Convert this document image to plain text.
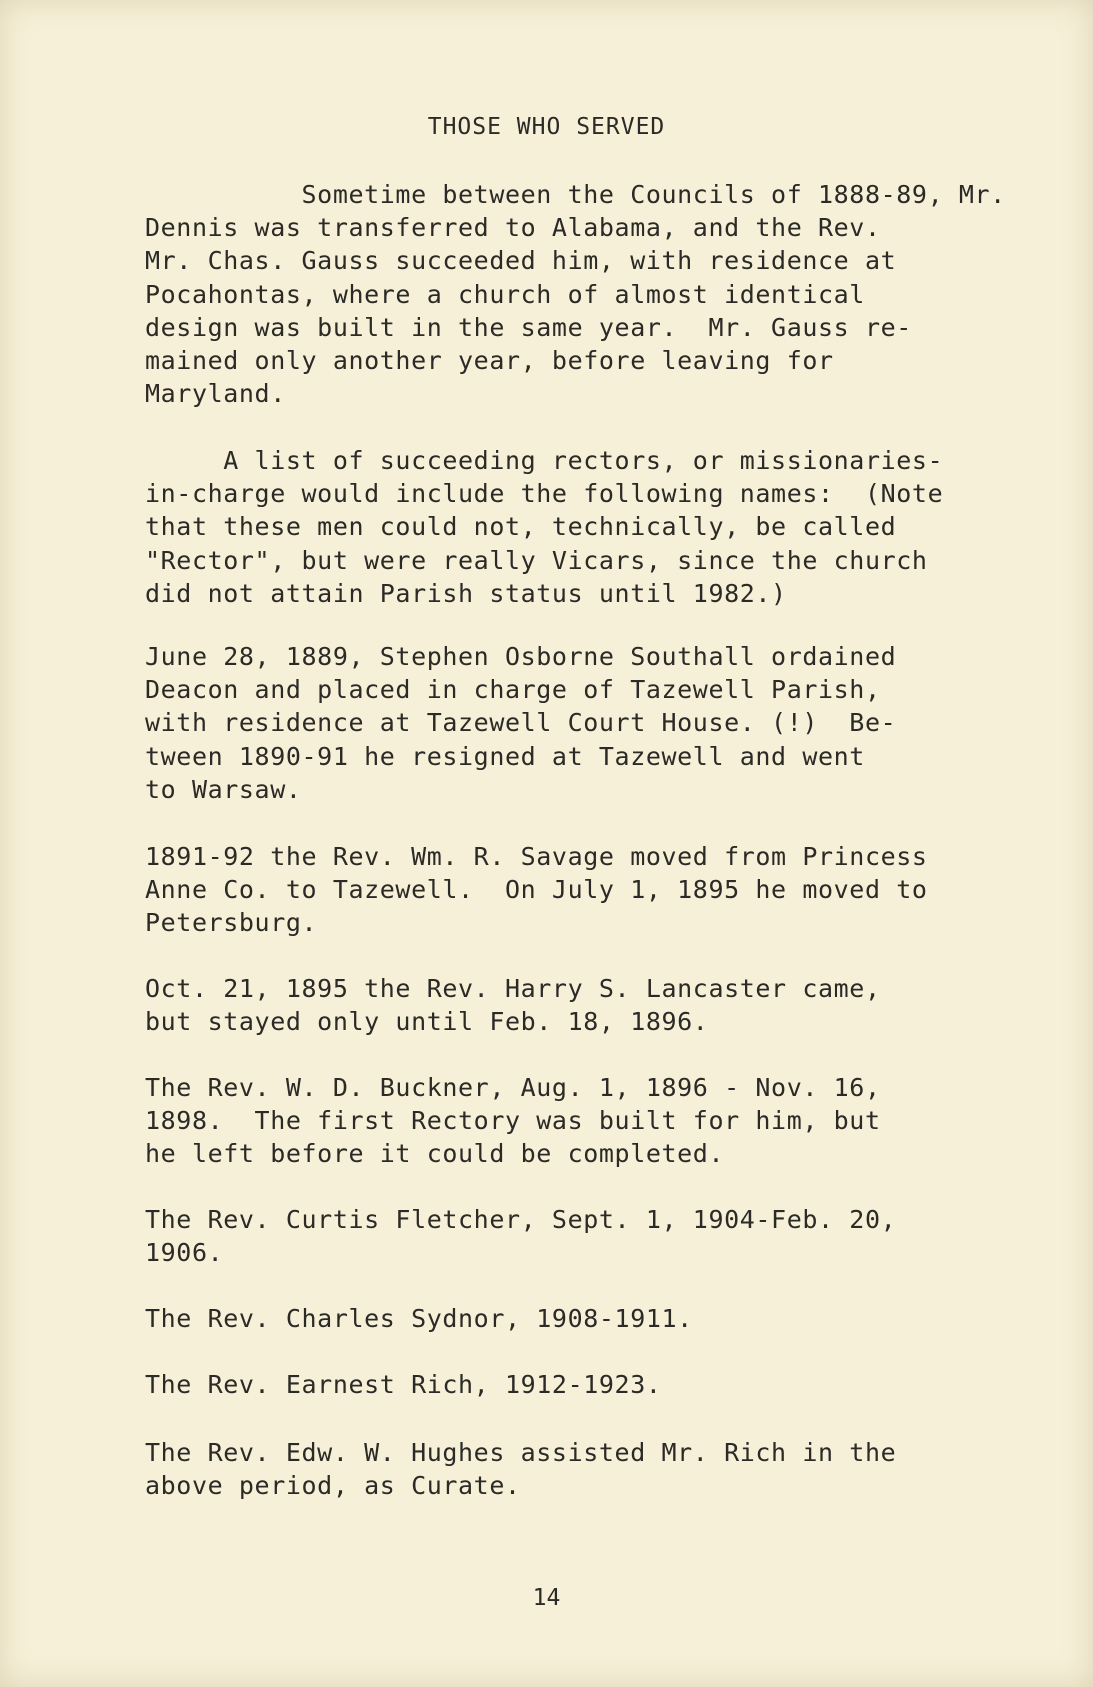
THOSE WHO SERVED

Sometime between the Councils of 1888-89, Mr.
Dennis was transferred to Alabama, and the Rev.
Mr. Chas. Gauss succeeded him, with residence at
Pocahontas, where a church of almost identical
design was built in the same year.  Mr. Gauss re-
mained only another year, before leaving for
Maryland.

A list of succeeding rectors, or missionaries-
in-charge would include the following names:  (Note
that these men could not, technically, be called
"Rector", but were really Vicars, since the church
did not attain Parish status until 1982.)

June 28, 1889, Stephen Osborne Southall ordained
Deacon and placed in charge of Tazewell Parish,
with residence at Tazewell Court House. (!)  Be-
tween 1890-91 he resigned at Tazewell and went
to Warsaw.

1891-92 the Rev. Wm. R. Savage moved from Princess
Anne Co. to Tazewell.  On July 1, 1895 he moved to
Petersburg.

Oct. 21, 1895 the Rev. Harry S. Lancaster came,
but stayed only until Feb. 18, 1896.

The Rev. W. D. Buckner, Aug. 1, 1896 - Nov. 16,
1898.  The first Rectory was built for him, but
he left before it could be completed.

The Rev. Curtis Fletcher, Sept. 1, 1904-Feb. 20,
1906.

The Rev. Charles Sydnor, 1908-1911.

The Rev. Earnest Rich, 1912-1923.

The Rev. Edw. W. Hughes assisted Mr. Rich in the
above period, as Curate.

14
